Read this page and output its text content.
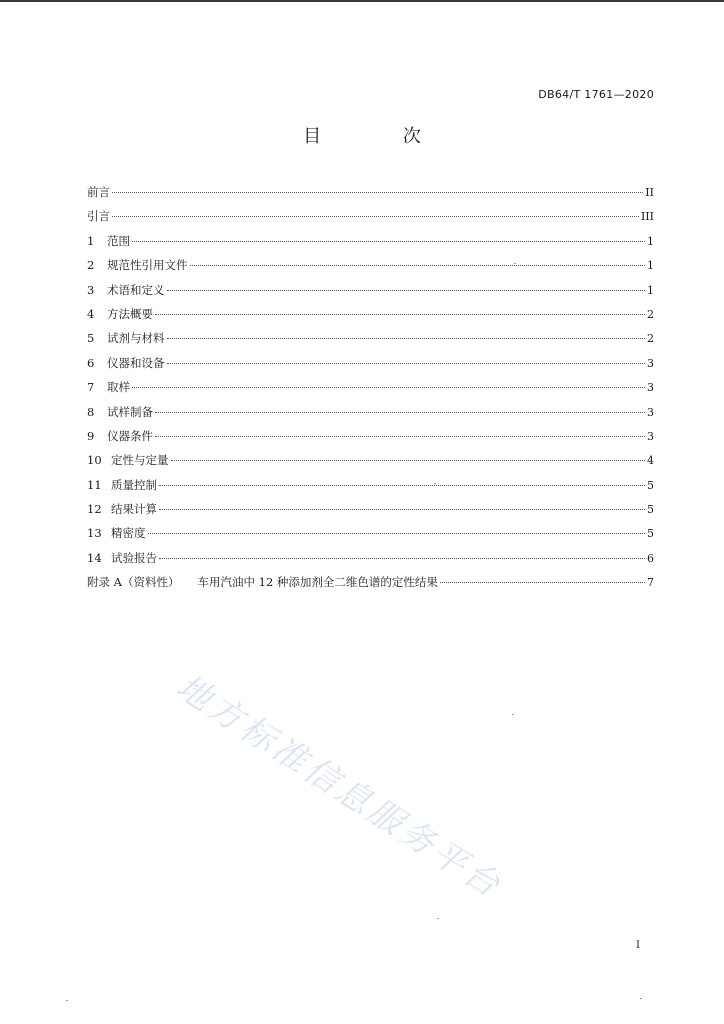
DB64/T 1761—2020
目 次
前言	II
引言	III
1	范围	1
2	规范性引用文件	1
3	术语和定义	1
4	方法概要	2
5	试剂与材料	2
6	仪器和设备	3
7	取样	3
8	试样制备	3
9	仪器条件	3
10 定性与定量	4
11 质量控制	5
12 结果计算	5
13 精密度	5
14 试验报告	6
附录 A（资料性） 车用汽油中 12 种添加剂全二维色谱的定性结果	7
地方标准信息服务平台
I
